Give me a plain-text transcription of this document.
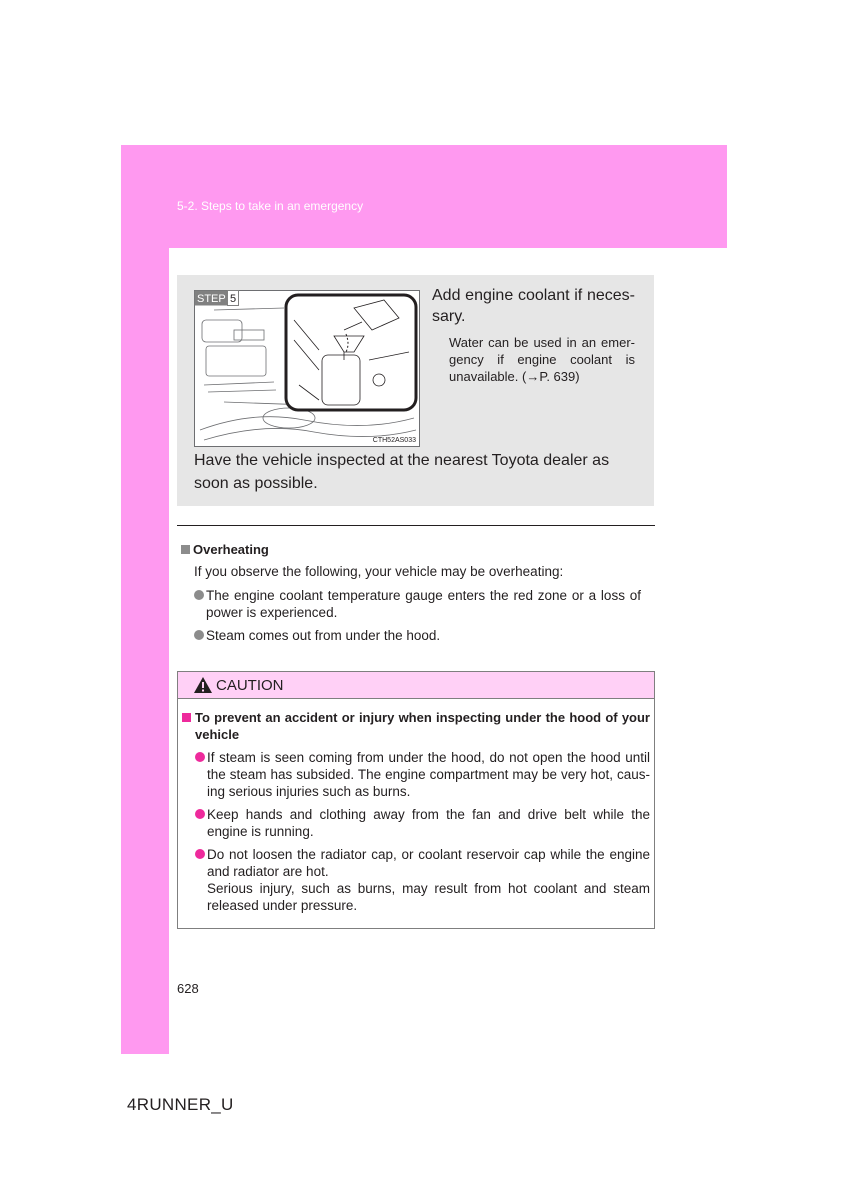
5-2. Steps to take in an emergency
STEP 5
CTH52AS033
Add engine coolant if neces-sary.
Water can be used in an emer-gency if engine coolant is unavailable. (→P. 639)
Have the vehicle inspected at the nearest Toyota dealer as soon as possible.
Overheating
If you observe the following, your vehicle may be overheating:
The engine coolant temperature gauge enters the red zone or a loss of power is experienced.
Steam comes out from under the hood.
CAUTION
To prevent an accident or injury when inspecting under the hood of your vehicle
If steam is seen coming from under the hood, do not open the hood until the steam has subsided. The engine compartment may be very hot, caus-ing serious injuries such as burns.
Keep hands and clothing away from the fan and drive belt while the engine is running.
Do not loosen the radiator cap, or coolant reservoir cap while the engine and radiator are hot.
Serious injury, such as burns, may result from hot coolant and steam released under pressure.
628
4RUNNER_U
